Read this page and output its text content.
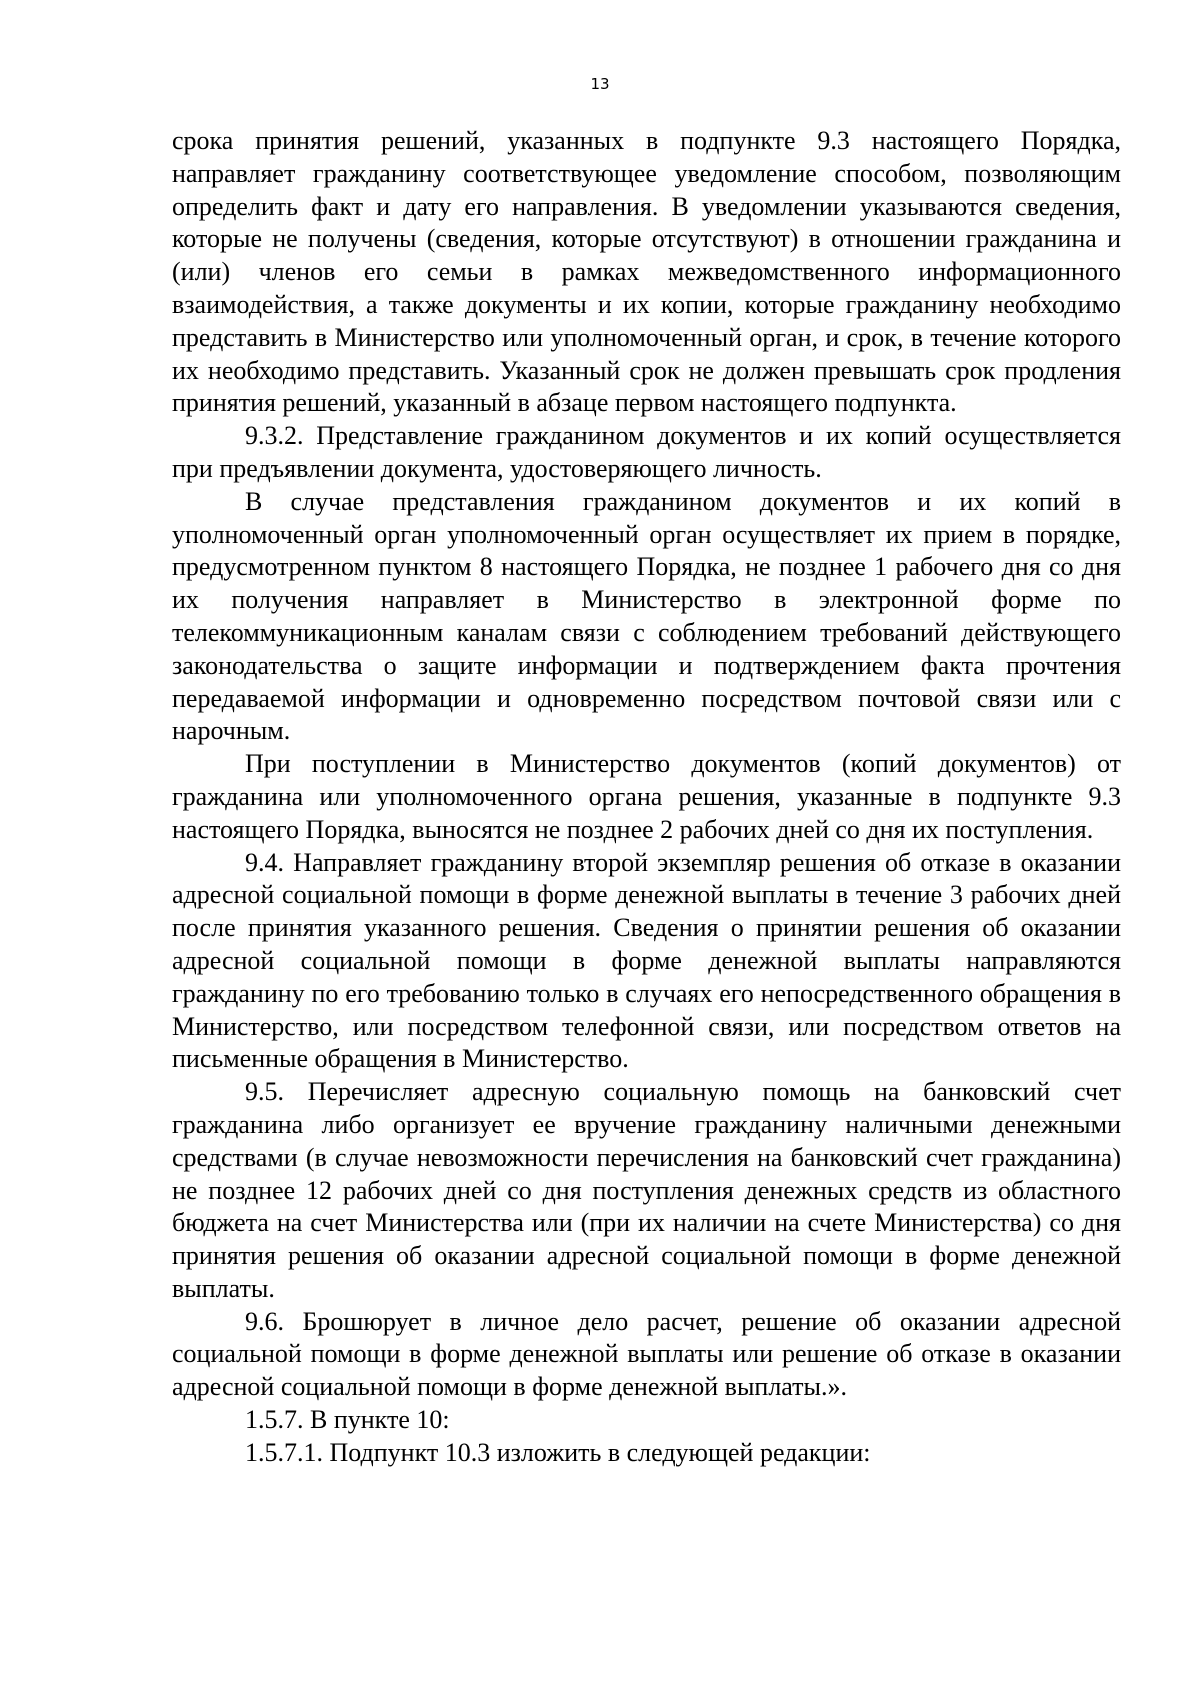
13

срока принятия решений, указанных в подпункте 9.3 настоящего Порядка, направляет гражданину соответствующее уведомление способом, позволяющим определить факт и дату его направления. В уведомлении указываются сведения, которые не получены (сведения, которые отсутствуют) в отношении гражданина и (или) членов его семьи в рамках межведомственного информационного взаимодействия, а также документы и их копии, которые гражданину необходимо представить в Министерство или уполномоченный орган, и срок, в течение которого их необходимо представить. Указанный срок не должен превышать срок продления принятия решений, указанный в абзаце первом настоящего подпункта.

9.3.2. Представление гражданином документов и их копий осуществляется при предъявлении документа, удостоверяющего личность.

В случае представления гражданином документов и их копий в уполномоченный орган уполномоченный орган осуществляет их прием в порядке, предусмотренном пунктом 8 настоящего Порядка, не позднее 1 рабочего дня со дня их получения направляет в Министерство в электронной форме по телекоммуникационным каналам связи с соблюдением требований действующего законодательства о защите информации и подтверждением факта прочтения передаваемой информации и одновременно посредством почтовой связи или с нарочным.

При поступлении в Министерство документов (копий документов) от гражданина или уполномоченного органа решения, указанные в подпункте 9.3 настоящего Порядка, выносятся не позднее 2 рабочих дней со дня их поступления.

9.4. Направляет гражданину второй экземпляр решения об отказе в оказании адресной социальной помощи в форме денежной выплаты в течение 3 рабочих дней после принятия указанного решения. Сведения о принятии решения об оказании адресной социальной помощи в форме денежной выплаты направляются гражданину по его требованию только в случаях его непосредственного обращения в Министерство, или посредством телефонной связи, или посредством ответов на письменные обращения в Министерство.

9.5. Перечисляет адресную социальную помощь на банковский счет гражданина либо организует ее вручение гражданину наличными денежными средствами (в случае невозможности перечисления на банковский счет гражданина) не позднее 12 рабочих дней со дня поступления денежных средств из областного бюджета на счет Министерства или (при их наличии на счете Министерства) со дня принятия решения об оказании адресной социальной помощи в форме денежной выплаты.

9.6. Брошюрует в личное дело расчет, решение об оказании адресной социальной помощи в форме денежной выплаты или решение об отказе в оказании адресной социальной помощи в форме денежной выплаты.».

1.5.7. В пункте 10:

1.5.7.1. Подпункт 10.3 изложить в следующей редакции:
